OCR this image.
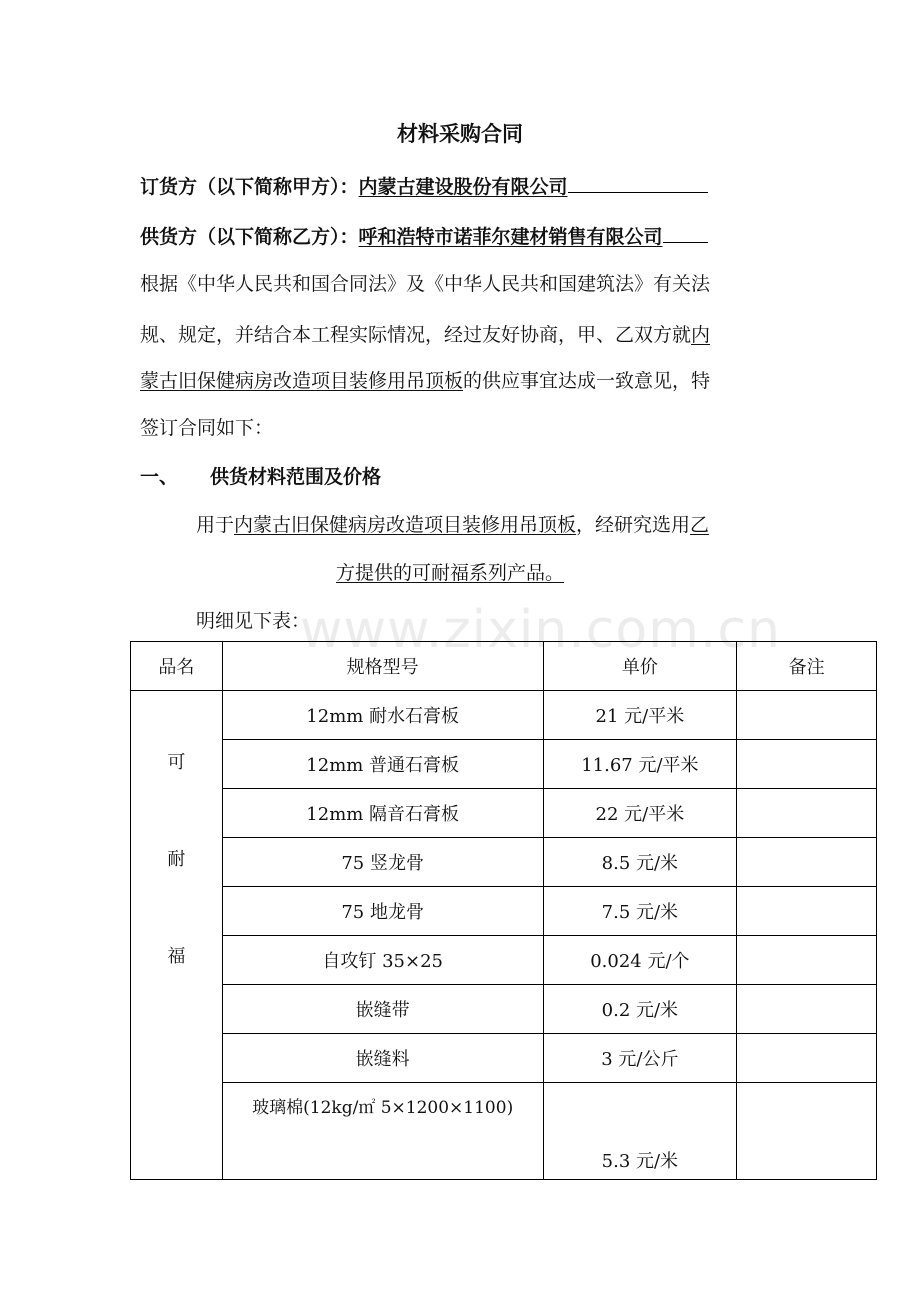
材料采购合同
订货方（以下简称甲方）：内蒙古建设股份有限公司
供货方（以下简称乙方）：呼和浩特市诺菲尔建材销售有限公司
根据《中华人民共和国合同法》及《中华人民共和国建筑法》有关法
规、规定，并结合本工程实际情况，经过友好协商，甲、乙双方就内
蒙古旧保健病房改造项目装修用吊顶板的供应事宜达成一致意见，特
签订合同如下：
一、 供货材料范围及价格
用于内蒙古旧保健病房改造项目装修用吊顶板，经研究选用乙
方提供的可耐福系列产品。
明细见下表：
www.zixin.com.cn
品名	规格型号	单价	备注

可
耐
福	12mm 耐水石膏板	21 元/平米	
	12mm 普通石膏板	11.67 元/平米	
	12mm 隔音石膏板	22 元/平米	
	75 竖龙骨	8.5 元/米	
	75 地龙骨	7.5 元/米	
	自攻钉 35×25	0.024 元/个	
	嵌缝带	0.2 元/米	
	嵌缝料	3 元/公斤	
	玻璃棉(12kg/㎡ 5×1200×1100)	5.3 元/米	
